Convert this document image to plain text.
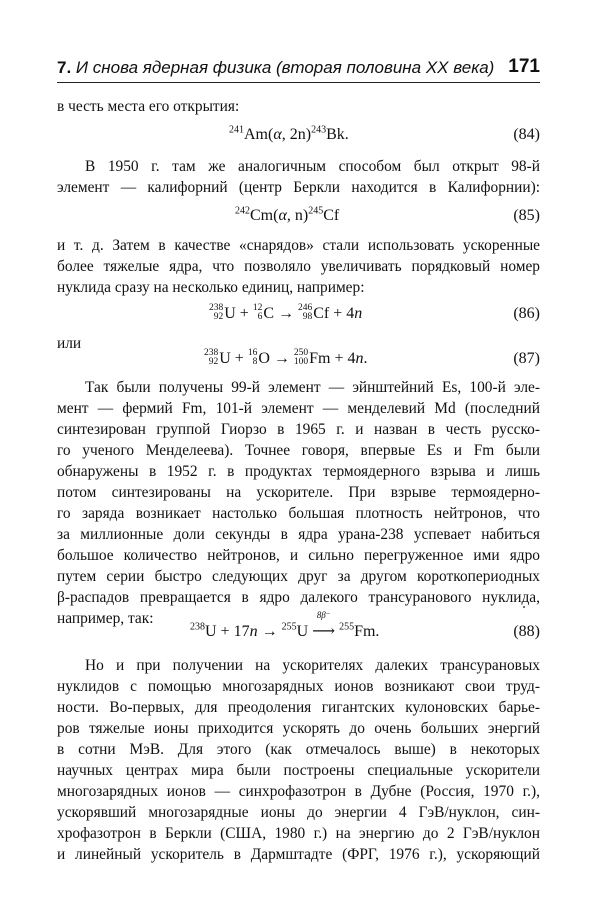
7. И снова ядерная физика (вторая половина XX века) 171
в честь места его открытия:
$^{241}$Am(α, 2n)$^{243}$Bk.	(84)
В 1950 г. там же аналогичным способом был открыт 98-й
элемент — калифорний (центр Беркли находится в Калифорнии):
$^{242}$Cm(α, n)$^{245}$Cf	(85)
и т. д. Затем в качестве «снарядов» стали использовать ускоренные
более тяжелые ядра, что позволяло увеличивать порядковый номер
нуклида сразу на несколько единиц, например:
238
92 U + 12
6 C → 246
98 Cf + 4n	(86)
или
238
92 U + 16
8 O → 250
100 Fm + 4n.	(87)
Так были получены 99-й элемент — эйнштейний Es, 100-й эле-
мент — фермий Fm, 101-й элемент — менделевий Md (последний
синтезирован группой Гиорзо в 1965 г. и назван в честь русско-
го ученого Менделеева). Точнее говоря, впервые Es и Fm были
обнаружены в 1952 г. в продуктах термоядерного взрыва и лишь
потом синтезированы на ускорителе. При взрыве термоядерно-
го заряда возникает настолько большая плотность нейтронов, что
за миллионные доли секунды в ядра урана-238 успевает набиться
большое количество нейтронов, и сильно перегруженное ими ядро
путем серии быстро следующих друг за другом короткопериодных
β-распадов превращается в ядро далекого трансуранового нуклида,
например, так:
$^{238}$U + 17n → $^{255}$U
8β⁻
⟶ $^{255}$Fm.	(88)
Но и при получении на ускорителях далеких трансурановых
нуклидов с помощью многозарядных ионов возникают свои труд-
ности. Во-первых, для преодоления гигантских кулоновских барье-
ров тяжелые ионы приходится ускорять до очень больших энергий
в сотни МэВ. Для этого (как отмечалось выше) в некоторых
научных центрах мира были построены специальные ускорители
многозарядных ионов — синхрофазотрон в Дубне (Россия, 1970 г.),
ускорявший многозарядные ионы до энергии 4 ГэВ/нуклон, син-
хрофазотрон в Беркли (США, 1980 г.) на энергию до 2 ГэВ/нуклон
и линейный ускоритель в Дармштадте (ФРГ, 1976 г.), ускоряющий
